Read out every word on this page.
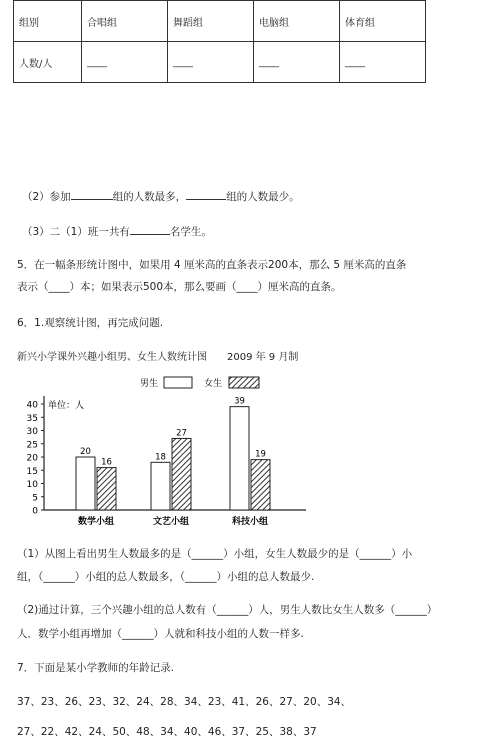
组别	合唱组	舞蹈组	电脑组	体育组
人数/人	____	____	____	____
（2）参加	组的人数最多，	组的人数最少。
（3）二（1）班一共有	名学生。
5．在一幅条形统计图中，如果用 4 厘米高的直条表示200本，那么 5 厘米高的直条
表示（____）本；如果表示500本，那么要画（____）厘米高的直条。
6．1.观察统计图，再完成问题.
新兴小学课外兴趣小组男、女生人数统计图　　2009 年 9 月制
男生	女生
单位：人
0
5
10
15
20
25
30
35
40
20
16
18
27
39
19
数学小组	文艺小组	科技小组
（1）从图上看出男生人数最多的是（______）小组，女生人数最少的是（______）小
组，（______）小组的总人数最多，（______）小组的总人数最少.
（2)通过计算，三个兴趣小组的总人数有（______）人，男生人数比女生人数多（______）
人．数学小组再增加（______）人就和科技小组的人数一样多.
7．下面是某小学教师的年龄记录.
37、23、26、23、32、24、28、34、23、41、26、27、20、34、
27、22、42、24、50、48、34、40、46、37、25、38、37
